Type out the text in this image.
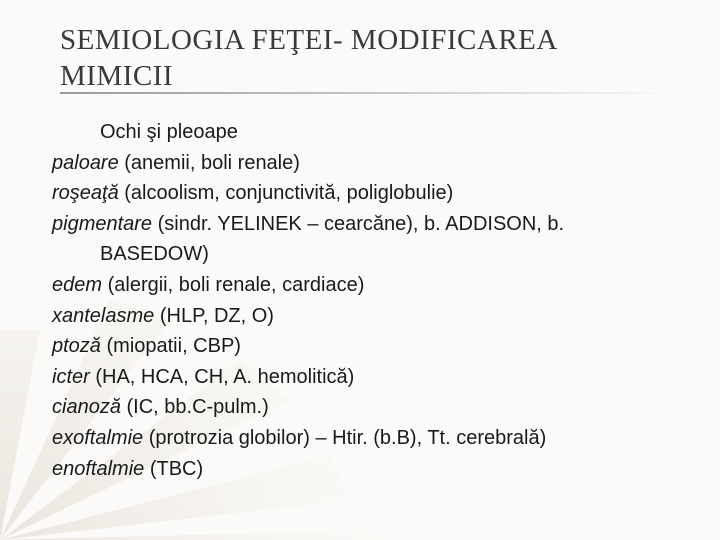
SEMIOLOGIA FEŢEI- MODIFICAREA
MIMICII
Ochi şi pleoape
paloare (anemii, boli renale)
roşeaţă (alcoolism, conjunctivită, poliglobulie)
pigmentare (sindr. YELINEK – cearcăne), b. ADDISON, b.
BASEDOW)
edem (alergii, boli renale, cardiace)
xantelasme (HLP, DZ, O)
ptoză (miopatii, CBP)
icter (HA, HCA, CH, A. hemolitică)
cianoză (IC, bb.C-pulm.)
exoftalmie (protrozia globilor) – Htir. (b.B), Tt. cerebrală)
enoftalmie (TBC)
